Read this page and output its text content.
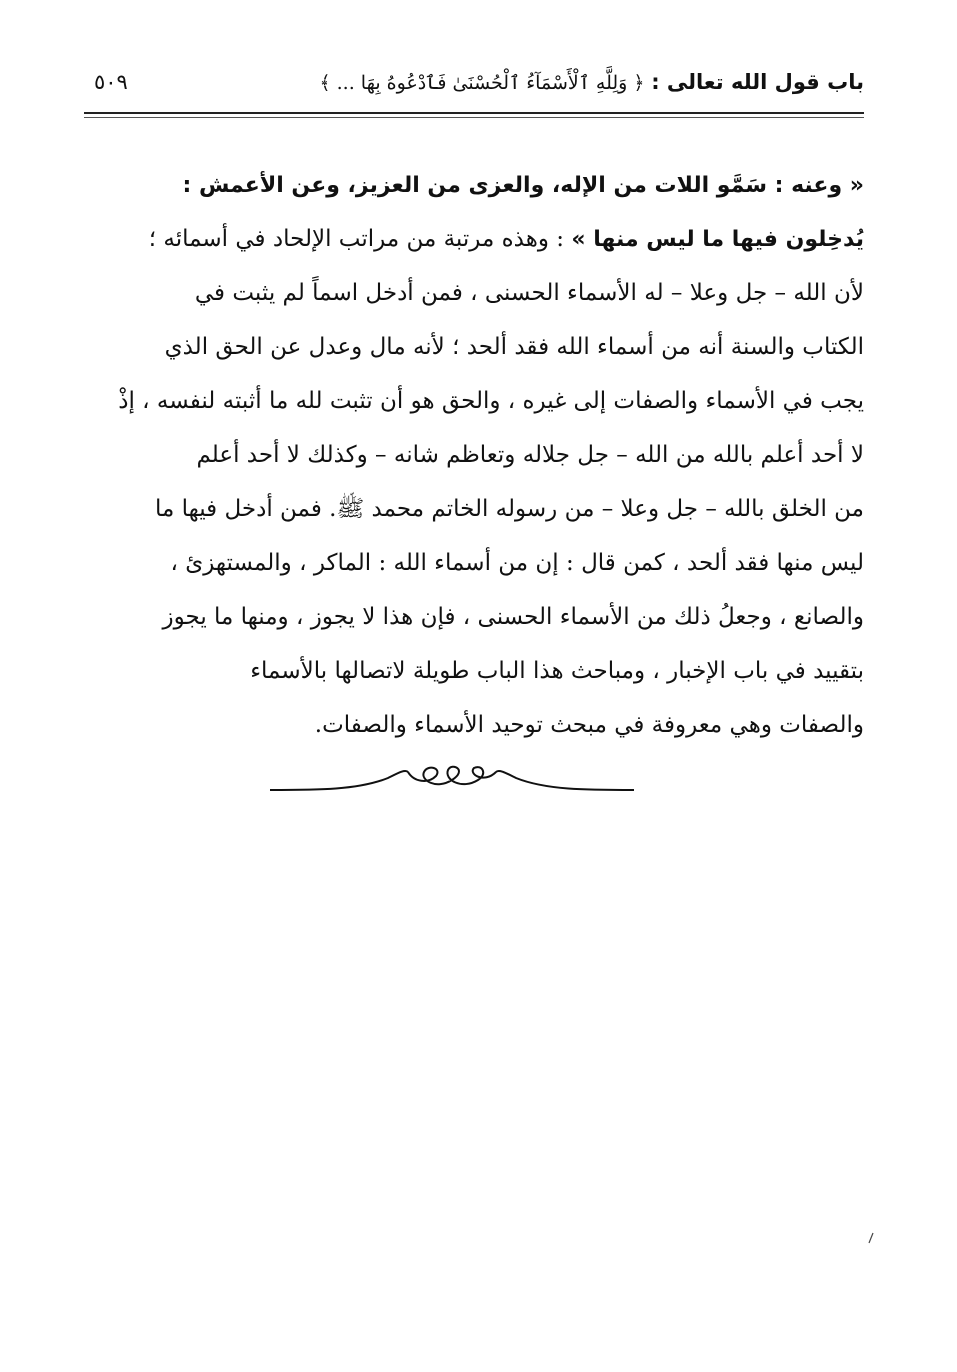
باب قول الله تعالى : ﴿ وَلِلَّهِ ٱلْأَسْمَآءُ ٱلْحُسْنَىٰ فَٱدْعُوهُ بِهَا ... ﴾
٥٠٩
« وعنه : سَمَّو اللات من الإله، والعزى من العزيز، وعن الأعمش :
يُدخِلون فيها ما ليس منها » : وهذه مرتبة من مراتب الإلحاد في أسمائه ؛
لأن الله – جل وعلا – له الأسماء الحسنى ، فمن أدخل اسماً لم يثبت في
الكتاب والسنة أنه من أسماء الله فقد ألحد ؛ لأنه مال وعدل عن الحق الذي
يجب في الأسماء والصفات إلى غيره ، والحق هو أن تثبت لله ما أثبته لنفسه ، إذْ
لا أحد أعلم بالله من الله – جل جلاله وتعاظم شانه – وكذلك لا أحد أعلم
من الخلق بالله – جل وعلا – من رسوله الخاتم محمد ﷺ. فمن أدخل فيها ما
ليس منها فقد ألحد ، كمن قال : إن من أسماء الله : الماكر ، والمستهزئ ،
والصانع ، وجعلُ ذلك من الأسماء الحسنى ، فإن هذا لا يجوز ، ومنها ما يجوز
بتقييد في باب الإخبار ، ومباحث هذا الباب طويلة لاتصالها بالأسماء
والصفات وهي معروفة في مبحث توحيد الأسماء والصفات.
